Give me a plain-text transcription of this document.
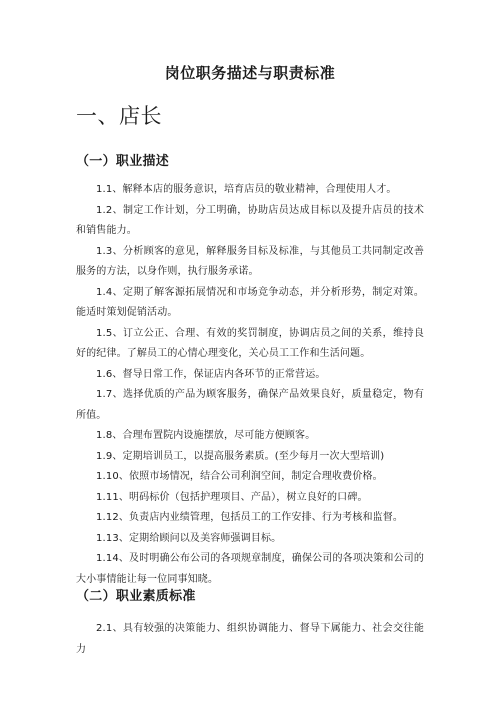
岗位职务描述与职责标准
一、店长
（一）职业描述

1.1、解释本店的服务意识，培育店员的敬业精神，合理使用人才。

1.2、制定工作计划，分工明确，协助店员达成目标以及提升店员的技术和销售能力。

1.3、分析顾客的意见，解释服务目标及标准，与其他员工共同制定改善服务的方法，以身作则，执行服务承诺。

1.4、定期了解客源拓展情况和市场竞争动态，并分析形势，制定对策。能适时策划促销活动。

1.5、订立公正、合理、有效的奖罚制度，协调店员之间的关系，维持良好的纪律。了解员工的心情心理变化，关心员工工作和生活问题。

1.6、督导日常工作，保证店内各环节的正常营运。

1.7、选择优质的产品为顾客服务，确保产品效果良好，质量稳定，物有所值。

1.8、合理布置院内设施摆放，尽可能方便顾客。

1.9、定期培训员工，以提高服务素质。(至少每月一次大型培训)

1.10、依照市场情况，结合公司利润空间，制定合理收费价格。

1.11、明码标价（包括护理项目、产品），树立良好的口碑。

1.12、负责店内业绩管理，包括员工的工作安排、行为考核和监督。

1.13、定期给顾问以及美容师强调目标。

1.14、及时明确公布公司的各项规章制度，确保公司的各项决策和公司的大小事情能让每一位同事知晓。

（二）职业素质标准

2.1、具有较强的决策能力、组织协调能力、督导下属能力、社会交往能力
